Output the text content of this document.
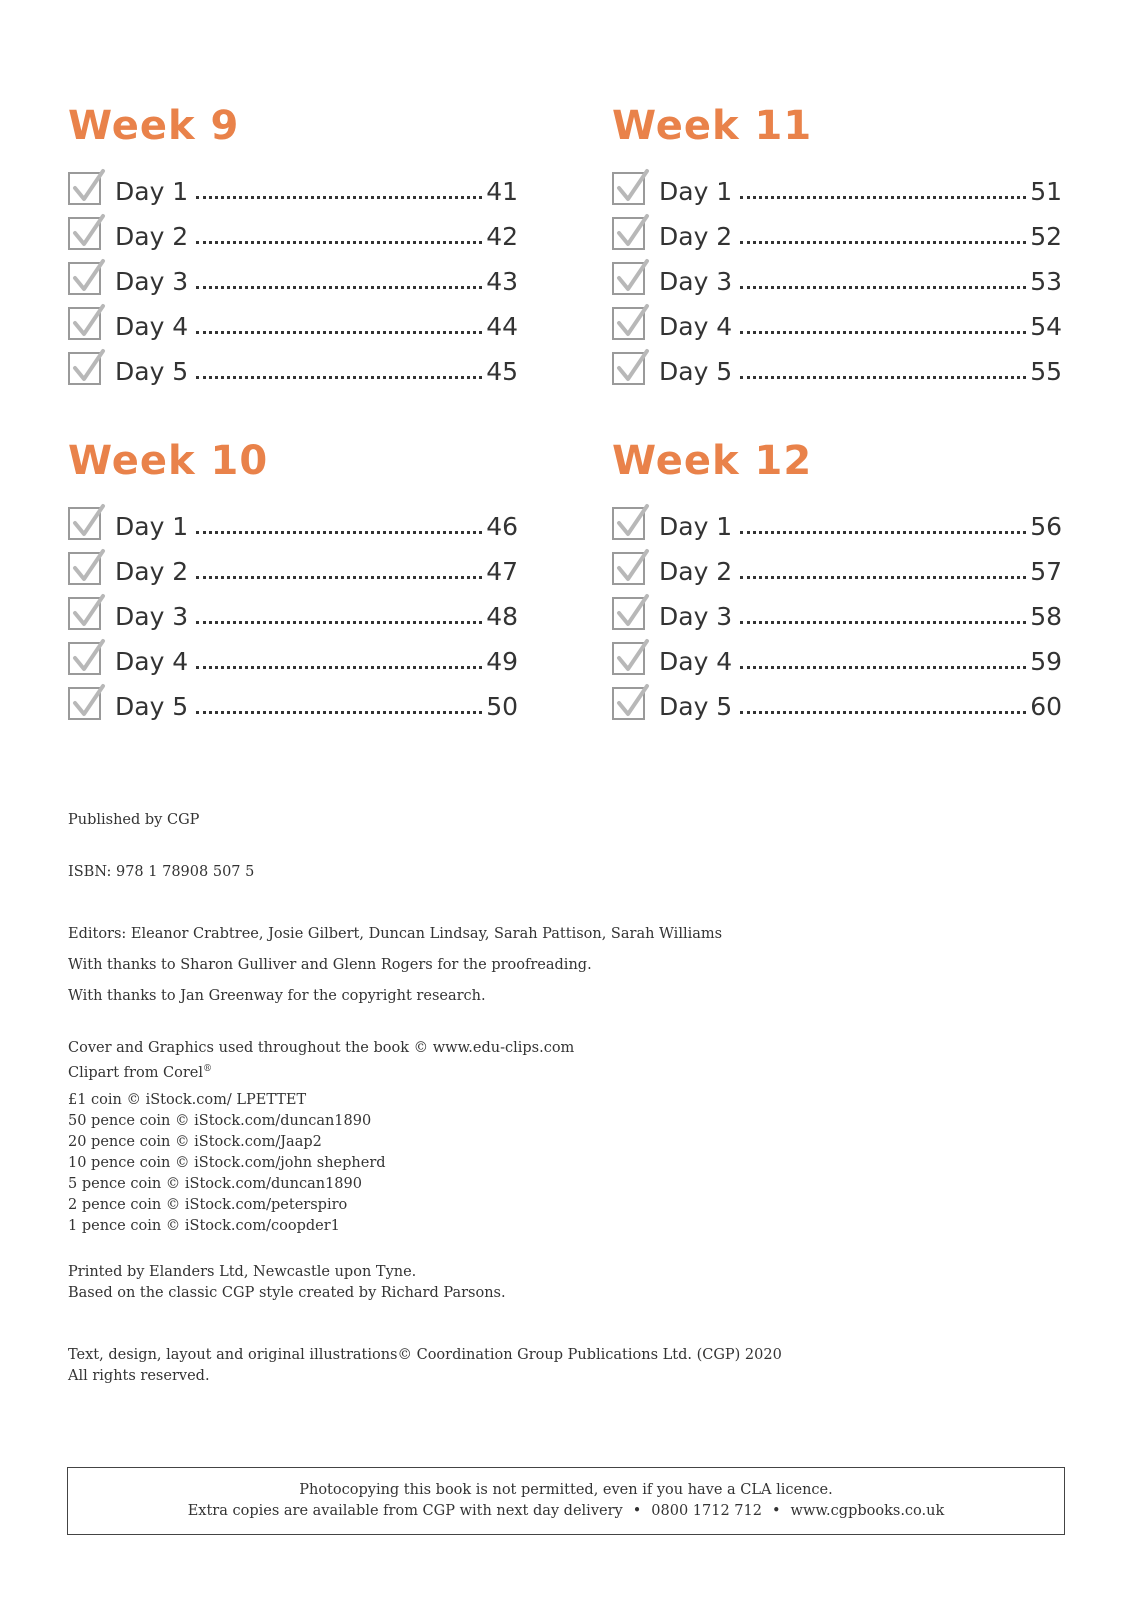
Week 9
Day 1	41
Day 2	42
Day 3	43
Day 4	44
Day 5	45
Week 11
Day 1	51
Day 2	52
Day 3	53
Day 4	54
Day 5	55
Week 10
Day 1	46
Day 2	47
Day 3	48
Day 4	49
Day 5	50
Week 12
Day 1	56
Day 2	57
Day 3	58
Day 4	59
Day 5	60

Published by CGP

ISBN: 978 1 78908 507 5

Editors: Eleanor Crabtree, Josie Gilbert, Duncan Lindsay, Sarah Pattison, Sarah Williams

With thanks to Sharon Gulliver and Glenn Rogers for the proofreading.

With thanks to Jan Greenway for the copyright research.

Cover and Graphics used throughout the book © www.edu-clips.com
Clipart from Corel®
£1 coin © iStock.com/ LPETTET
50 pence coin © iStock.com/duncan1890
20 pence coin © iStock.com/Jaap2
10 pence coin © iStock.com/john shepherd
5 pence coin © iStock.com/duncan1890
2 pence coin © iStock.com/peterspiro
1 pence coin © iStock.com/coopder1
Printed by Elanders Ltd, Newcastle upon Tyne.
Based on the classic CGP style created by Richard Parsons.
Text, design, layout and original illustrations© Coordination Group Publications Ltd. (CGP) 2020
All rights reserved.
Photocopying this book is not permitted, even if you have a CLA licence.
Extra copies are available from CGP with next day delivery • 0800 1712 712 • www.cgpbooks.co.uk
